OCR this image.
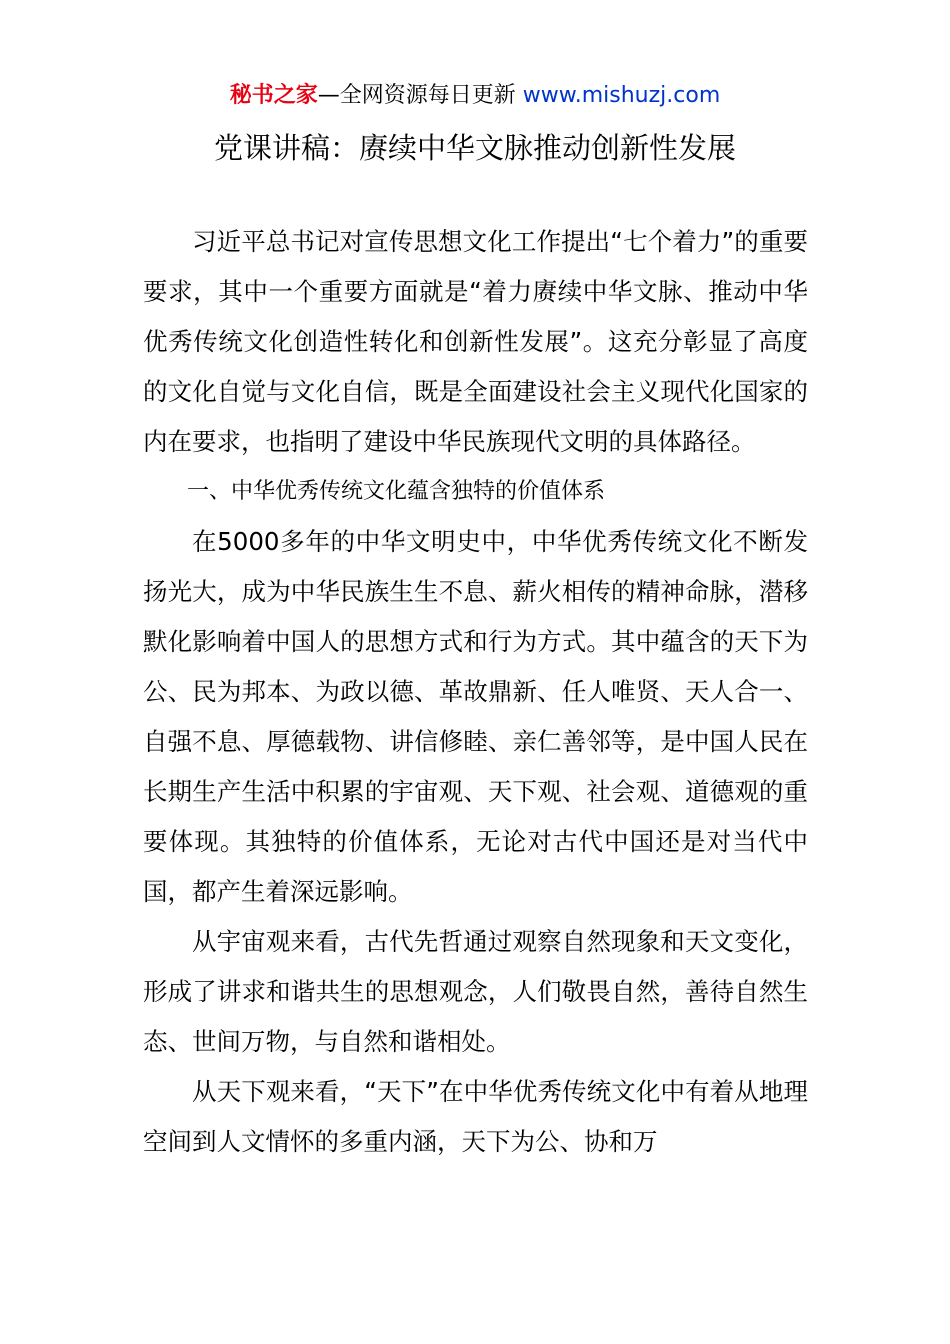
秘书之家—全网资源每日更新 www.mishuzj.com
党课讲稿：赓续中华文脉推动创新性发展

习近平总书记对宣传思想文化工作提出“七个着力”的重要要求，其中一个重要方面就是“着力赓续中华文脉、推动中华优秀传统文化创造性转化和创新性发展”。这充分彰显了高度的文化自觉与文化自信，既是全面建设社会主义现代化国家的内在要求，也指明了建设中华民族现代文明的具体路径。

一、中华优秀传统文化蕴含独特的价值体系

在5000多年的中华文明史中，中华优秀传统文化不断发扬光大，成为中华民族生生不息、薪火相传的精神命脉，潜移默化影响着中国人的思想方式和行为方式。其中蕴含的天下为公、民为邦本、为政以德、革故鼎新、任人唯贤、天人合一、自强不息、厚德载物、讲信修睦、亲仁善邻等，是中国人民在长期生产生活中积累的宇宙观、天下观、社会观、道德观的重要体现。其独特的价值体系，无论对古代中国还是对当代中国，都产生着深远影响。

从宇宙观来看，古代先哲通过观察自然现象和天文变化，形成了讲求和谐共生的思想观念，人们敬畏自然，善待自然生态、世间万物，与自然和谐相处。

从天下观来看，“天下”在中华优秀传统文化中有着从地理空间到人文情怀的多重内涵，天下为公、协和万
